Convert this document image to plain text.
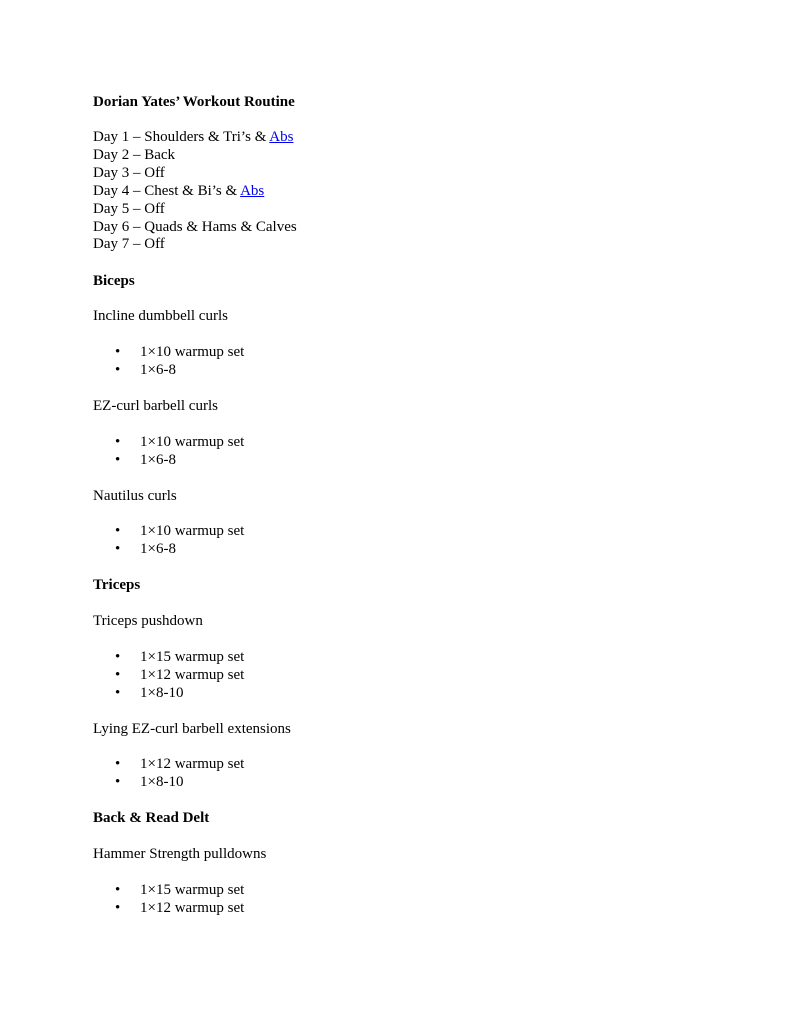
Dorian Yates’ Workout Routine
Day 1 – Shoulders & Tri’s & Abs
Day 2 – Back
Day 3 – Off
Day 4 – Chest & Bi’s & Abs
Day 5 – Off
Day 6 – Quads & Hams & Calves
Day 7 – Off
Biceps
Incline dumbbell curls
• 1×10 warmup set
• 1×6-8
EZ-curl barbell curls
• 1×10 warmup set
• 1×6-8
Nautilus curls
• 1×10 warmup set
• 1×6-8
Triceps
Triceps pushdown
• 1×15 warmup set
• 1×12 warmup set
• 1×8-10
Lying EZ-curl barbell extensions
• 1×12 warmup set
• 1×8-10
Back & Read Delt
Hammer Strength pulldowns
• 1×15 warmup set
• 1×12 warmup set
